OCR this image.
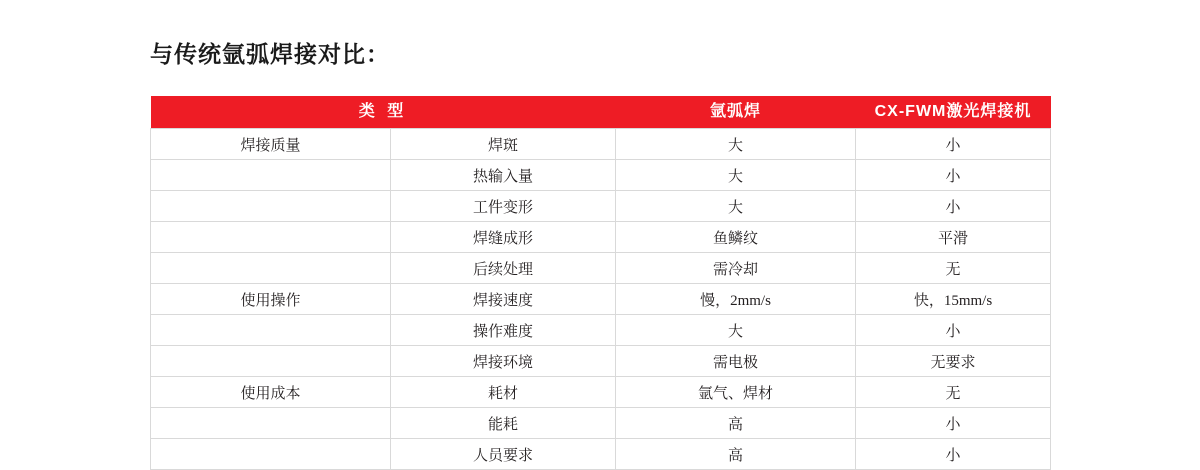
与传统氩弧焊接对比：
类 型		氩弧焊	CX-FWM激光焊接机
焊接质量	焊斑	大	小
	热输入量	大	小
	工件变形	大	小
	焊缝成形	鱼鳞纹	平滑
	后续处理	需冷却	无
使用操作	焊接速度	慢，2mm/s	快，15mm/s
	操作难度	大	小
	焊接环境	需电极	无要求
使用成本	耗材	氩气、焊材	无
	能耗	高	小
	人员要求	高	小
